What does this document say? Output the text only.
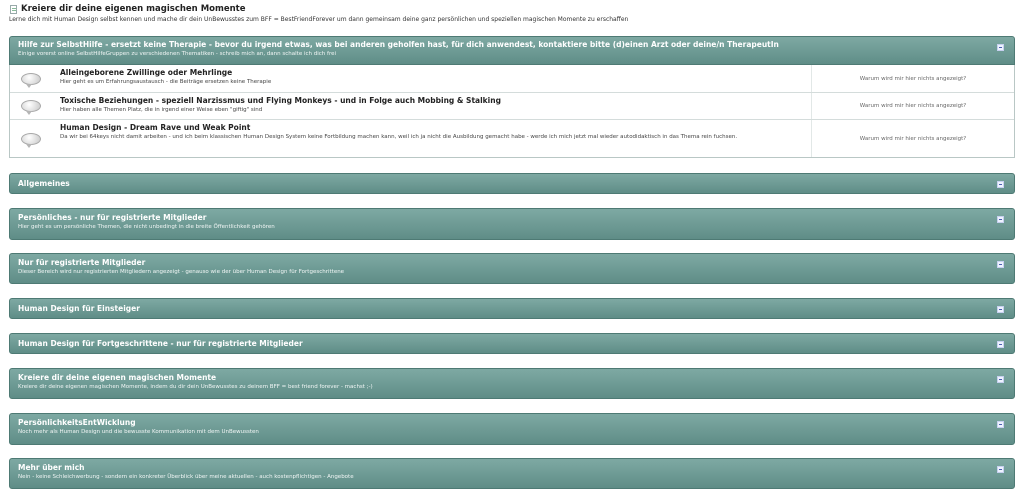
Kreiere dir deine eigenen magischen Momente

Lerne dich mit Human Design selbst kennen und mache dir dein UnBewusstes zum BFF = BestFriendForever um dann gemeinsam deine ganz persönlichen und speziellen magischen Momente zu erschaffen

Hilfe zur SelbstHilfe - ersetzt keine Therapie - bevor du irgend etwas, was bei anderen geholfen hast, für dich anwendest, kontaktiere bitte (d)einen Arzt oder deine/n TherapeutIn
Einige vorerst online SelbstHilfeGruppen zu verschiedenen Thematiken - schreib mich an, dann schalte ich dich frei
Alleingeborene Zwillinge oder Mehrlinge
Hier geht es um Erfahrungsaustausch - die Beiträge ersetzen keine Therapie
Warum wird mir hier nichts angezeigt?
Toxische Beziehungen - speziell Narzissmus und Flying Monkeys - und in Folge auch Mobbing & Stalking
Hier haben alle Themen Platz, die in irgend einer Weise eben "giftig" sind
Warum wird mir hier nichts angezeigt?
Human Design - Dream Rave und Weak Point
Da wir bei 64keys nicht damit arbeiten - und ich beim klassischen Human Design System keine Fortbildung machen kann, weil ich ja nicht die Ausbildung gemacht habe - werde ich mich jetzt mal wieder autodidaktisch in das Thema rein fuchsen.	Warum wird mir hier nichts angezeigt?
Allgemeines
Persönliches - nur für registrierte Mitglieder
Hier geht es um persönliche Themen, die nicht unbedingt in die breite Öffentlichkeit gehören
Nur für registrierte Mitglieder
Dieser Bereich wird nur registrierten Mitgliedern angezeigt - genauso wie der über Human Design für Fortgeschrittene
Human Design für Einsteiger
Human Design für Fortgeschrittene - nur für registrierte Mitglieder
Kreiere dir deine eigenen magischen Momente
Kreiere dir deine eigenen magischen Momente, indem du dir dein UnBewusstes zu deinem BFF = best friend forever - machst ;-)
PersönlichkeitsEntWicklung
Noch mehr als Human Design und die bewusste Kommunikation mit dem UnBewussten
Mehr über mich
Nein - keine Schleichwerbung - sondern ein konkreter Überblick über meine aktuellen - auch kostenpflichtigen - Angebote
